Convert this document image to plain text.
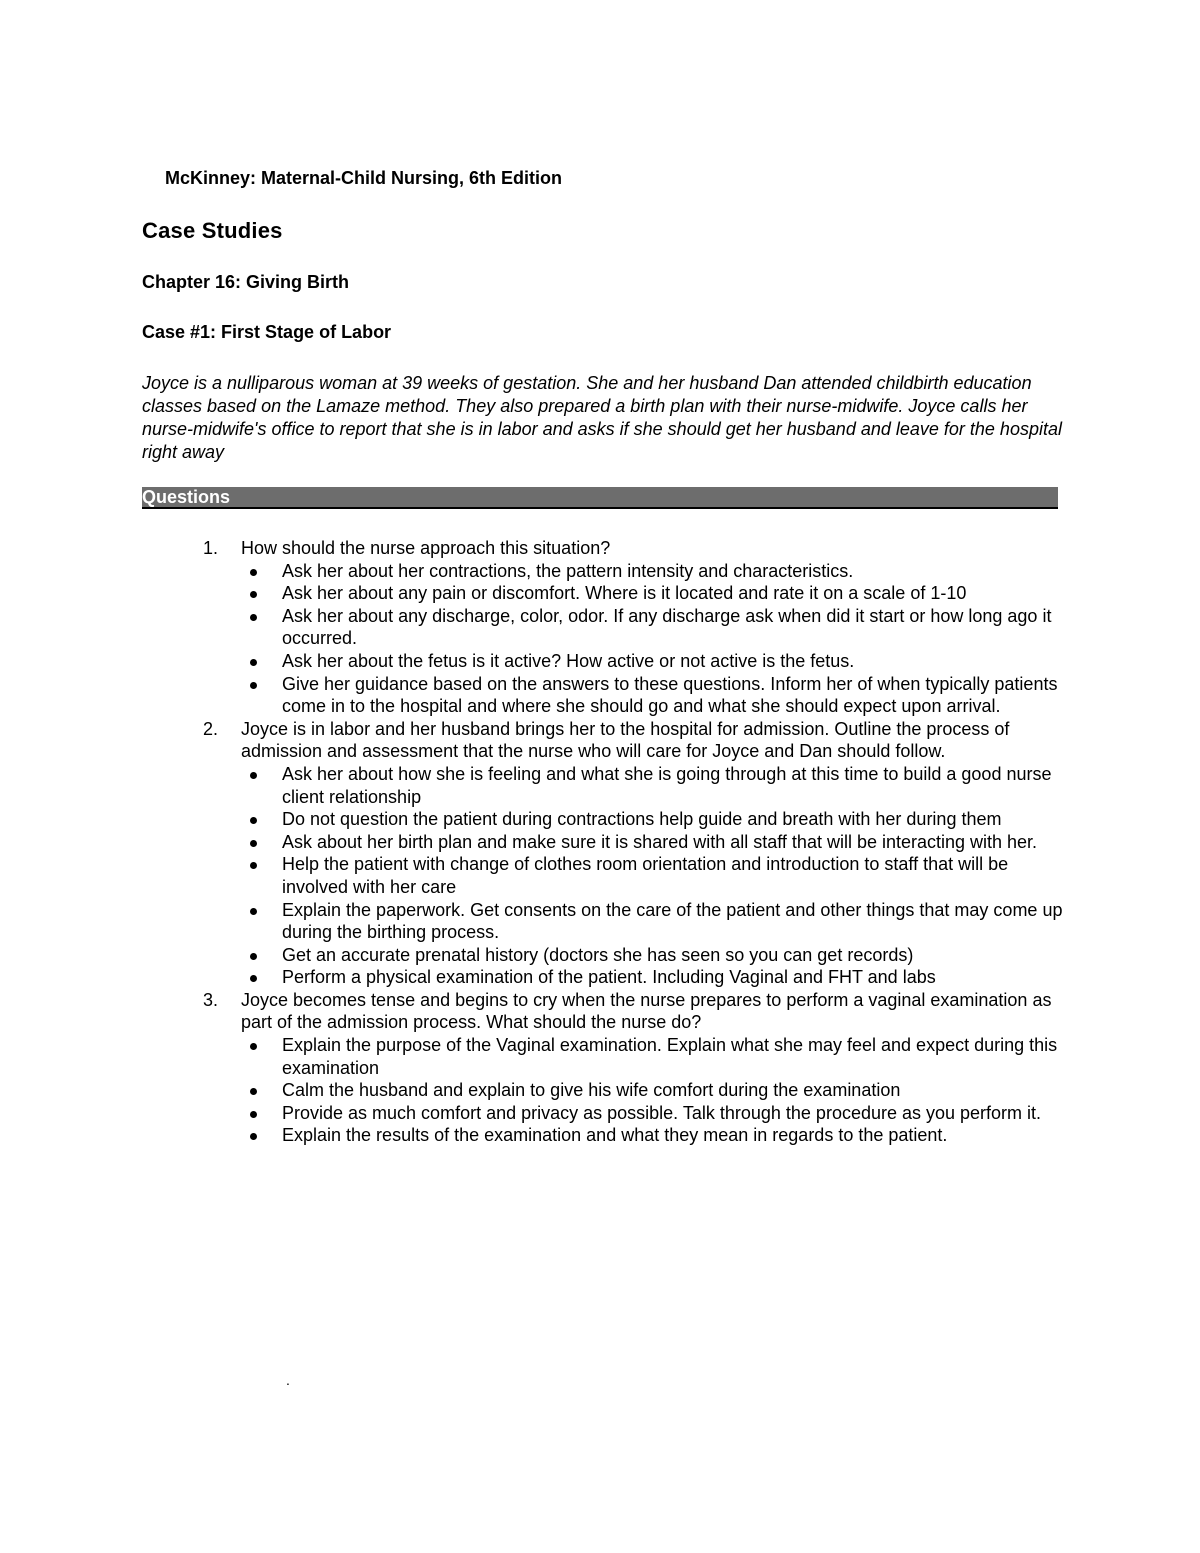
McKinney: Maternal-Child Nursing, 6th Edition

Case Studies
Chapter 16: Giving Birth
Case #1: First Stage of Labor

Joyce is a nulliparous woman at 39 weeks of gestation. She and her husband Dan attended childbirth education classes based on the Lamaze method. They also prepared a birth plan with their nurse-midwife. Joyce calls her nurse-midwife's office to report that she is in labor and asks if she should get her husband and leave for the hospital right away

Questions
1.	How should the nurse approach this situation?
Ask her about her contractions, the pattern intensity and characteristics.
Ask her about any pain or discomfort. Where is it located and rate it on a scale of 1-10
Ask her about any discharge, color, odor. If any discharge ask when did it start or how long ago it occurred.
Ask her about the fetus is it active? How active or not active is the fetus.
Give her guidance based on the answers to these questions. Inform her of when typically patients come in to the hospital and where she should go and what she should expect upon arrival.
2.	Joyce is in labor and her husband brings her to the hospital for admission. Outline the process of admission and assessment that the nurse who will care for Joyce and Dan should follow.
Ask her about how she is feeling and what she is going through at this time to build a good nurse client relationship
Do not question the patient during contractions help guide and breath with her during them
Ask about her birth plan and make sure it is shared with all staff that will be interacting with her.
Help the patient with change of clothes room orientation and introduction to staff that will be involved with her care
Explain the paperwork. Get consents on the care of the patient and other things that may come up during the birthing process.
Get an accurate prenatal history (doctors she has seen so you can get records)
Perform a physical examination of the patient. Including Vaginal and FHT and labs
3.	Joyce becomes tense and begins to cry when the nurse prepares to perform a vaginal examination as part of the admission process. What should the nurse do?
Explain the purpose of the Vaginal examination. Explain what she may feel and expect during this examination
Calm the husband and explain to give his wife comfort during the examination
Provide as much comfort and privacy as possible. Talk through the procedure as you perform it.
Explain the results of the examination and what they mean in regards to the patient.

.
